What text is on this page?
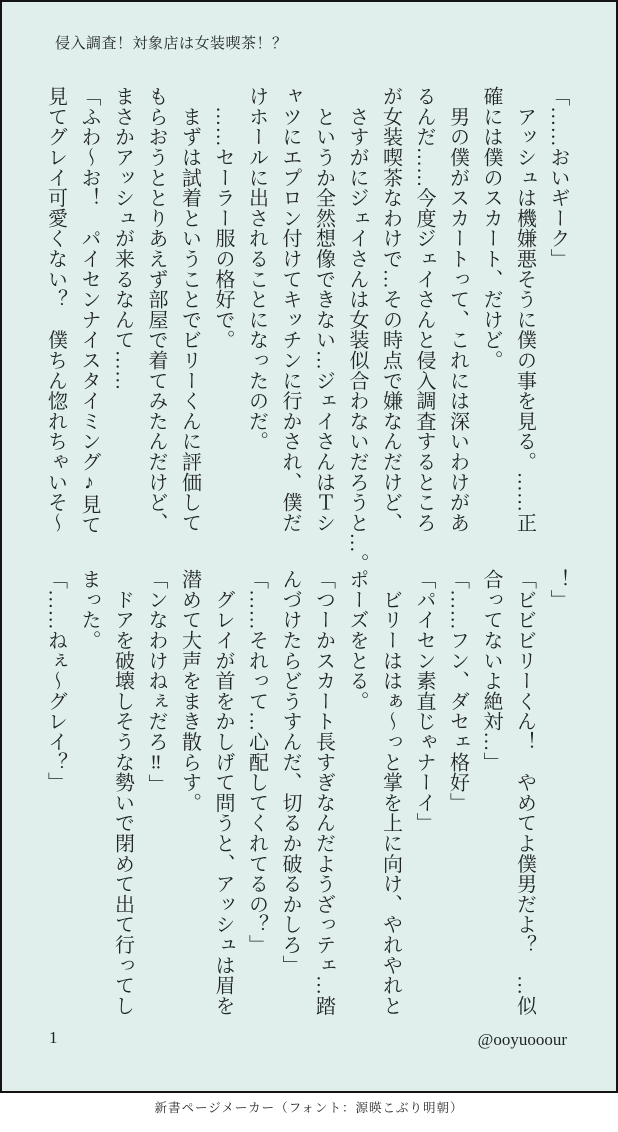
侵入調査！対象店は女装喫茶！？
「……おいギーク」
　アッシュは機嫌悪そうに僕の事を見る。……正
確には僕のスカート、だけど。
　男の僕がスカートって、これには深いわけがあ
るんだ……今度ジェイさんと侵入調査するところ
が女装喫茶なわけで…その時点で嫌なんだけど、
　さすがにジェイさんは女装似合わないだろうと…。
　というか全然想像できない…ジェイさんはＴシ
ャツにエプロン付けてキッチンに行かされ、僕だ
けホールに出されることになったのだ。
　……セーラー服の格好で。
　まずは試着ということでビリーくんに評価して
もらおうととりあえず部屋で着てみたんだけど、
まさかアッシュが来るなんて……
「ふわ〜お！　パイセンナイスタイミング♪見て
見てグレイ可愛くない？　僕ちん惚れちゃいそ〜
！」
「ビビビリーくん！　やめてよ僕男だよ？　…似
合ってないよ絶対…」
「……フン、ダセェ格好」
「パイセン素直じゃナーイ」
　ビリーははぁ〜っと掌を上に向け、やれやれと
ポーズをとる。
「つーかスカート長すぎなんだようざっテェ…踏
んづけたらどうすんだ、切るか破るかしろ」
「……それって…心配してくれてるの？」
　グレイが首をかしげて問うと、アッシュは眉を
潜めて大声をまき散らす。
「ンなわけねぇだろ‼」
　ドアを破壊しそうな勢いで閉めて出て行ってし
まった。
「……ねぇ〜グレイ？」
1	@ooyuooour
新書ページメーカー（フォント：源暎こぶり明朝）
